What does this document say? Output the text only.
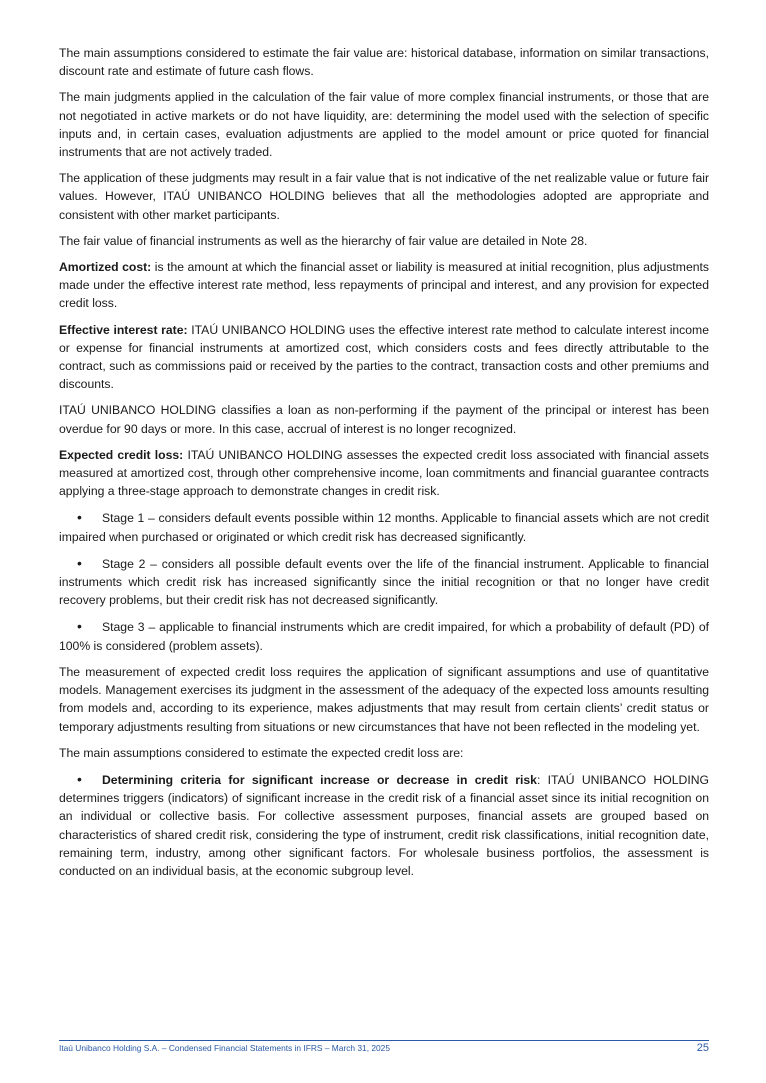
The main assumptions considered to estimate the fair value are: historical database, information on similar transactions, discount rate and estimate of future cash flows.

The main judgments applied in the calculation of the fair value of more complex financial instruments, or those that are not negotiated in active markets or do not have liquidity, are: determining the model used with the selection of specific inputs and, in certain cases, evaluation adjustments are applied to the model amount or price quoted for financial instruments that are not actively traded.

The application of these judgments may result in a fair value that is not indicative of the net realizable value or future fair values. However, ITAÚ UNIBANCO HOLDING believes that all the methodologies adopted are appropriate and consistent with other market participants.

The fair value of financial instruments as well as the hierarchy of fair value are detailed in Note 28.

Amortized cost: is the amount at which the financial asset or liability is measured at initial recognition, plus adjustments made under the effective interest rate method, less repayments of principal and interest, and any provision for expected credit loss.

Effective interest rate: ITAÚ UNIBANCO HOLDING uses the effective interest rate method to calculate interest income or expense for financial instruments at amortized cost, which considers costs and fees directly attributable to the contract, such as commissions paid or received by the parties to the contract, transaction costs and other premiums and discounts.

ITAÚ UNIBANCO HOLDING classifies a loan as non-performing if the payment of the principal or interest has been overdue for 90 days or more. In this case, accrual of interest is no longer recognized.

Expected credit loss: ITAÚ UNIBANCO HOLDING assesses the expected credit loss associated with financial assets measured at amortized cost, through other comprehensive income, loan commitments and financial guarantee contracts applying a three-stage approach to demonstrate changes in credit risk.

• Stage 1 – considers default events possible within 12 months. Applicable to financial assets which are not credit impaired when purchased or originated or which credit risk has decreased significantly.

• Stage 2 – considers all possible default events over the life of the financial instrument. Applicable to financial instruments which credit risk has increased significantly since the initial recognition or that no longer have credit recovery problems, but their credit risk has not decreased significantly.

• Stage 3 – applicable to financial instruments which are credit impaired, for which a probability of default (PD) of 100% is considered (problem assets).

The measurement of expected credit loss requires the application of significant assumptions and use of quantitative models. Management exercises its judgment in the assessment of the adequacy of the expected loss amounts resulting from models and, according to its experience, makes adjustments that may result from certain clients’ credit status or temporary adjustments resulting from situations or new circumstances that have not been reflected in the modeling yet.

The main assumptions considered to estimate the expected credit loss are:

• Determining criteria for significant increase or decrease in credit risk: ITAÚ UNIBANCO HOLDING determines triggers (indicators) of significant increase in the credit risk of a financial asset since its initial recognition on an individual or collective basis. For collective assessment purposes, financial assets are grouped based on characteristics of shared credit risk, considering the type of instrument, credit risk classifications, initial recognition date, remaining term, industry, among other significant factors. For wholesale business portfolios, the assessment is conducted on an individual basis, at the economic subgroup level.

Itaú Unibanco Holding S.A. – Condensed Financial Statements in IFRS – March 31, 2025	25
